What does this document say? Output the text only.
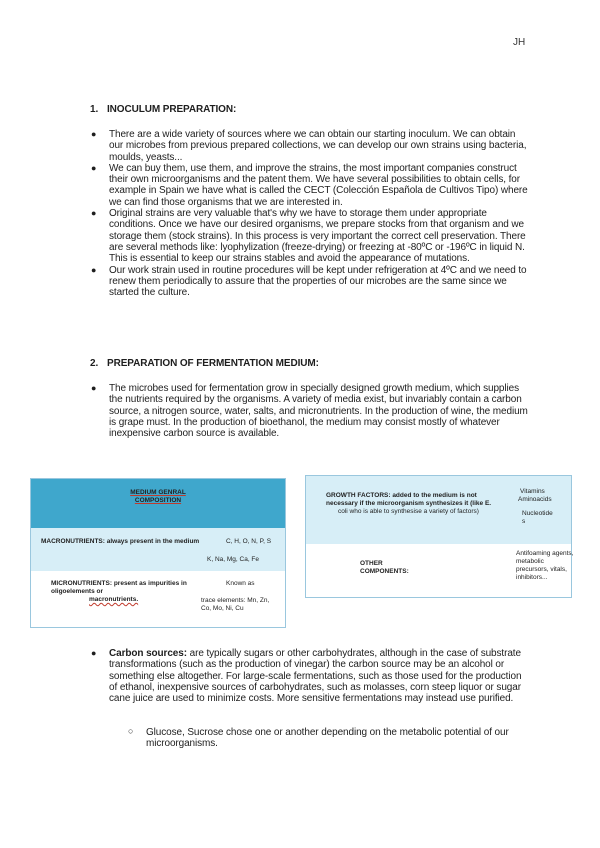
JH
1. INOCULUM PREPARATION:
● There are a wide variety of sources where we can obtain our starting inoculum. We can obtain our microbes from previous prepared collections, we can develop our own strains using bacteria, moulds, yeasts...
● We can buy them, use them, and improve the strains, the most important companies construct their own microorganisms and the patent them. We have several possibilities to obtain cells, for example in Spain we have what is called the CECT (Colección Española de Cultivos Tipo) where we can find those organisms that we are interested in.
● Original strains are very valuable that's why we have to storage them under appropriate conditions. Once we have our desired organisms, we prepare stocks from that organism and we storage them (stock strains). In this process is very important the correct cell preservation. There are several methods like: lyophylization (freeze-drying) or freezing at -80ºC or -196ºC in liquid N. This is essential to keep our strains stables and avoid the appearance of mutations.
● Our work strain used in routine procedures will be kept under refrigeration at 4ºC and we need to renew them periodically to assure that the properties of our microbes are the same since we started the culture.
2. PREPARATION OF FERMENTATION MEDIUM:
● The microbes used for fermentation grow in specially designed growth medium, which supplies the nutrients required by the organisms. A variety of media exist, but invariably contain a carbon source, a nitrogen source, water, salts, and micronutrients. In the production of wine, the medium is grape must. In the production of bioethanol, the medium may consist mostly of whatever inexpensive carbon source is available.
MEDIUM GENRAL
COMPOSITION
MACRONUTRIENTS: always present in the medium	C, H, O, N, P, S
K, Na, Mg, Ca, Fe
MICRONUTRIENTS: present as impurities in oligoelements or
macronutrients.
Known as
trace elements: Mn, Zn, Co, Mo, Ni, Cu
GROWTH FACTORS: added to the medium is not necessary if the microorganism synthesizes it (like E.
coli who is able to synthesise a variety of factors)
Vitamins
Aminoacids
Nucleotide
s
OTHER
COMPONENTS:
Antifoaming agents, metabolic precursors, vitals, inhibitors...
● Carbon sources: are typically sugars or other carbohydrates, although in the case of substrate transformations (such as the production of vinegar) the carbon source may be an alcohol or something else altogether. For large-scale fermentations, such as those used for the production of ethanol, inexpensive sources of carbohydrates, such as molasses, corn steep liquor or sugar cane juice are used to minimize costs. More sensitive fermentations may instead use purified.
○ Glucose, Sucrose chose one or another depending on the metabolic potential of our microorganisms.
